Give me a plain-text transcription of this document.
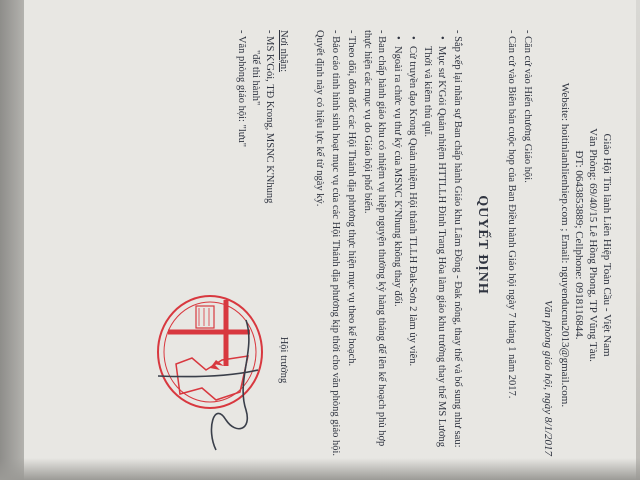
Giáo Hội Tin lành Liên Hiệp Toàn Cầu - Việt Nam
Văn Phòng: 69/40/15 Lê Hồng Phong, TP Vũng Tàu.
ĐT: 0643853889; Cellphone: 0918116844.
Website: hoitinlanhlienhiep.com ; Email: nguyenducnu2013@gmail.com.
Văn phòng giáo hội, ngày 8/1/2017
- Căn cứ vào Hiến chương Giáo hội.
- Căn cứ vào Biên bản cuộc họp của Ban Điều hành Giáo hội ngày 7 tháng 1 năm 2017.
QUYẾT ĐỊNH
- Sắp xếp lại nhân sự Ban chấp hành Giáo khu Lâm Đồng - Đak nông, thay thế và bổ sung như sau:
• Mục sư K'Gói Quản nhiệm HTTLLH Đinh Trang Hòa làm giáo khu trưởng thay thế MS Lương Thới và kiêm thủ quĩ.
• Cử truyền đạo Krong Quản nhiệm Hội thánh TLLH Đak-Sơn 2 làm ủy viên.
• Ngoài ra chức vụ thư ký của MSNC K'Nhung không thay đổi.
- Ban chấp hành giáo khu có nhiệm vụ hiệp nguyện thường kỳ hàng tháng để lên kế hoạch phù hợp thực hiện các mục vụ do Giáo hội phổ biến.
- Theo dõi, đôn đốc các Hội Thánh địa phương thực hiện mục vụ theo kế hoạch.
- Báo cáo tình hình sinh hoạt mục vụ của các Hội Thánh địa phương kịp thời cho văn phòng giáo hội.
Quyết định này có hiệu lực kể từ ngày ký.
Nơi nhận:
- MS K'Gói, TĐ Krong, MSNC K'Nhung
"để thi hành"
- Văn phòng giáo hội: "lưu"
Hội trưởng
